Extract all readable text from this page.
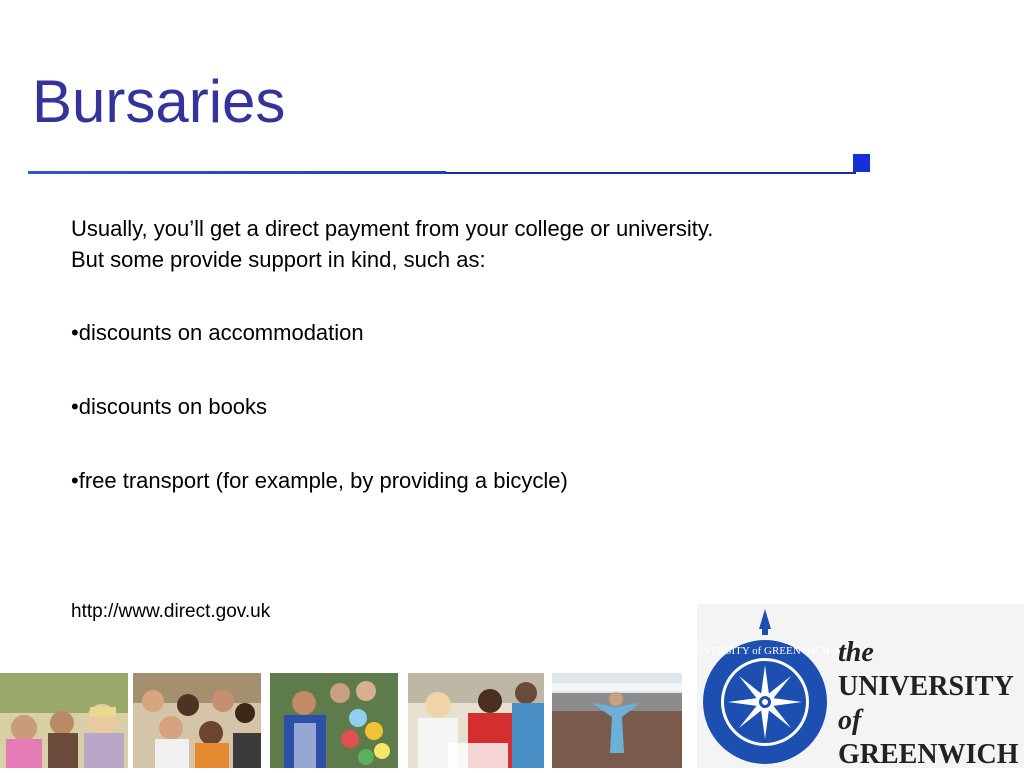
Bursaries
Usually, you’ll get a direct payment from your college or university.
But some provide support in kind, such as:
•discounts on accommodation
•discounts on books
•free transport (for example, by providing a bicycle)
http://www.direct.gov.uk
UNIVERSITY of GREENWICH the
the
UNIVERSITY
of
GREENWICH
